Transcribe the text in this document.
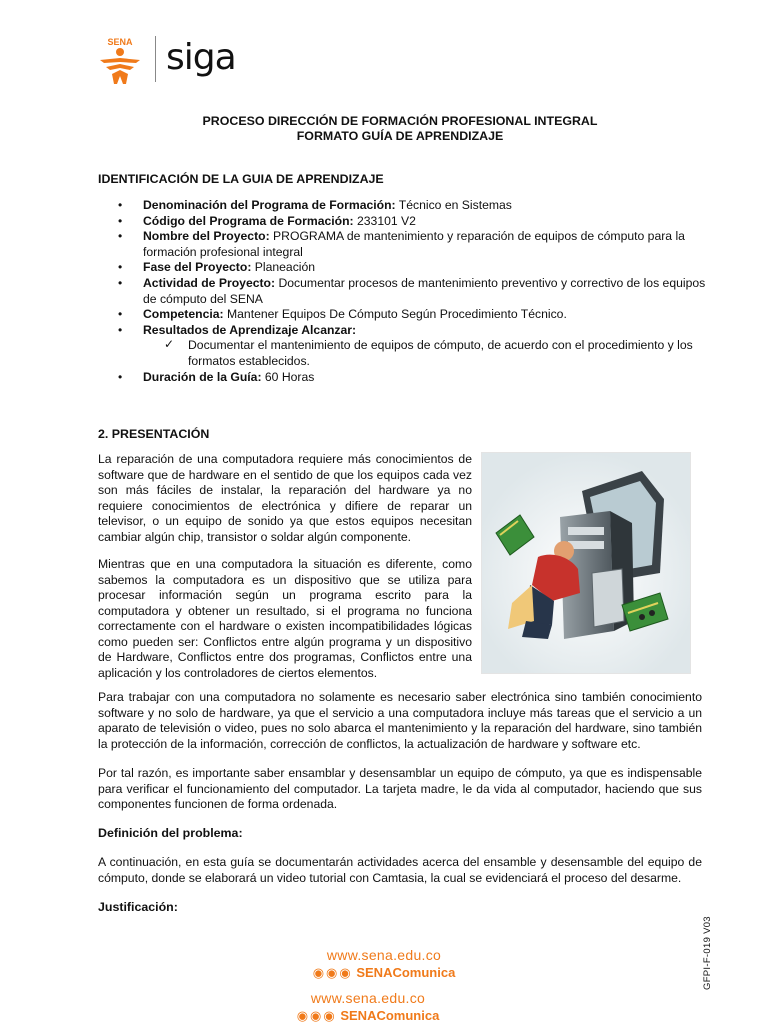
SENA siga
PROCESO DIRECCIÓN DE FORMACIÓN PROFESIONAL INTEGRAL
FORMATO GUÍA DE APRENDIZAJE
IDENTIFICACIÓN DE LA GUIA DE APRENDIZAJE
• Denominación del Programa de Formación: Técnico en Sistemas
• Código del Programa de Formación: 233101 V2
• Nombre del Proyecto: PROGRAMA de mantenimiento y reparación de equipos de cómputo para la formación profesional integral
• Fase del Proyecto: Planeación
• Actividad de Proyecto: Documentar procesos de mantenimiento preventivo y correctivo de los equipos de cómputo del SENA
• Competencia: Mantener Equipos De Cómputo Según Procedimiento Técnico.
• Resultados de Aprendizaje Alcanzar:
✓ Documentar el mantenimiento de equipos de cómputo, de acuerdo con el procedimiento y los formatos establecidos.
• Duración de la Guía: 60 Horas
2. PRESENTACIÓN
La reparación de una computadora requiere más conocimientos de software que de hardware en el sentido de que los equipos cada vez son más fáciles de instalar, la reparación del hardware ya no requiere conocimientos de electrónica y difiere de reparar un televisor, o un equipo de sonido ya que estos equipos necesitan cambiar algún chip, transistor o soldar algún componente.
Mientras que en una computadora la situación es diferente, como sabemos la computadora es un dispositivo que se utiliza para procesar información según un programa escrito para la computadora y obtener un resultado, si el programa no funciona correctamente con el hardware o existen incompatibilidades lógicas como pueden ser: Conflictos entre algún programa y un dispositivo de Hardware, Conflictos entre dos programas, Conflictos entre una aplicación y los controladores de ciertos elementos.
Para trabajar con una computadora no solamente es necesario saber electrónica sino también conocimiento software y no solo de hardware, ya que el servicio a una computadora incluye más tareas que el servicio a un aparato de televisión o video, pues no solo abarca el mantenimiento y la reparación del hardware, sino también la protección de la información, corrección de conflictos, la actualización de hardware y software etc.
Por tal razón, es importante saber ensamblar y desensamblar un equipo de cómputo, ya que es indispensable para verificar el funcionamiento del computador. La tarjeta madre, le da vida al computador, haciendo que sus componentes funcionen de forma ordenada.
Definición del problema:
A continuación, en esta guía se documentarán actividades acerca del ensamble y desensamble del equipo de cómputo, donde se elaborará un video tutorial con Camtasia, la cual se evidenciará el proceso del desarme.
Justificación:
www.sena.edu.co
◉◉◉ SENAComunica
www.sena.edu.co
◉◉◉ SENAComunica
GFPI-F-019 V03
